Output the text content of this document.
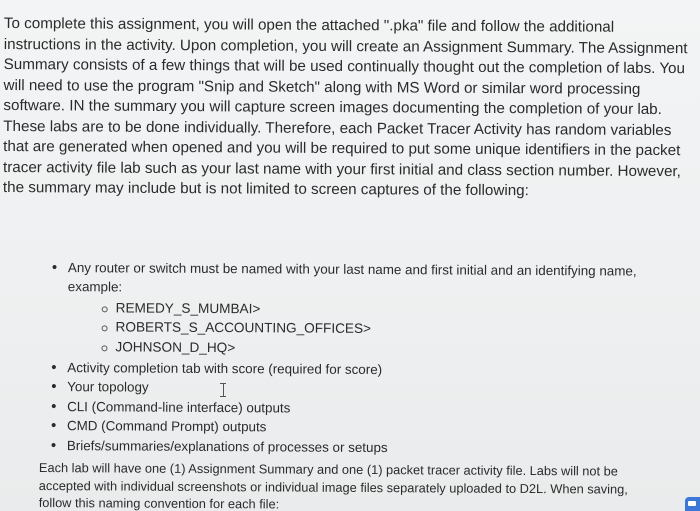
To complete this assignment, you will open the attached ".pka" file and follow the additional instructions in the activity. Upon completion, you will create an Assignment Summary. The Assignment Summary consists of a few things that will be used continually thought out the completion of labs. You will need to use the program "Snip and Sketch" along with MS Word or similar word processing software. IN the summary you will capture screen images documenting the completion of your lab. These labs are to be done individually. Therefore, each Packet Tracer Activity has random variables that are generated when opened and you will be required to put some unique identifiers in the packet tracer activity file lab such as your last name with your first initial and class section number. However, the summary may include but is not limited to screen captures of the following:

• Any router or switch must be named with your last name and first initial and an identifying name, example:
REMEDY_S_MUMBAI>
ROBERTS_S_ACCOUNTING_OFFICES>
JOHNSON_D_HQ>
• Activity completion tab with score (required for score)
• Your topology
• CLI (Command-line interface) outputs
• CMD (Command Prompt) outputs
• Briefs/summaries/explanations of processes or setups

Each lab will have one (1) Assignment Summary and one (1) packet tracer activity file. Labs will not be accepted with individual screenshots or individual image files separately uploaded to D2L. When saving, follow this naming convention for each file:
